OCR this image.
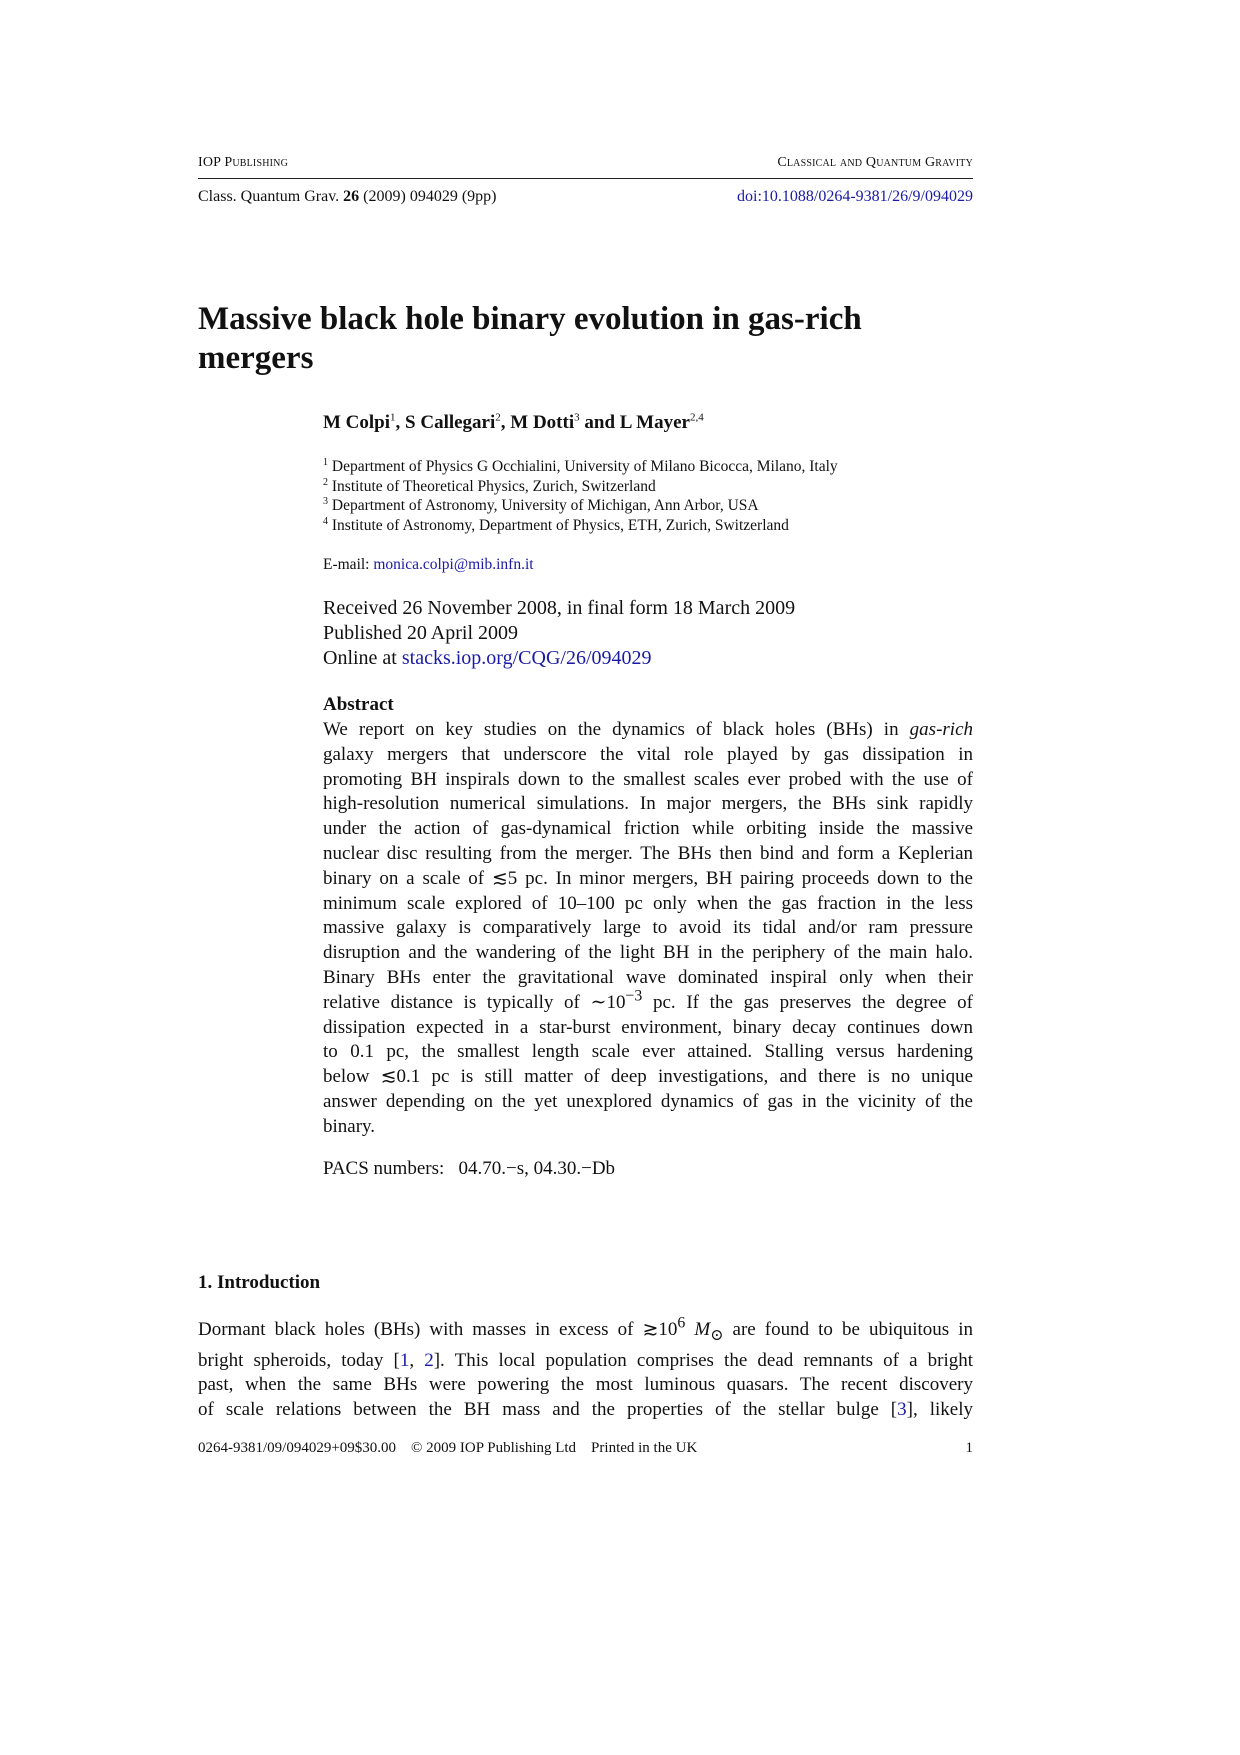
IOP Publishing	Classical and Quantum Gravity
Class. Quantum Grav. 26 (2009) 094029 (9pp)	doi:10.1088/0264-9381/26/9/094029
Massive black hole binary evolution in gas-rich mergers
M Colpi$^1$, S Callegari$^2$, M Dotti$^3$ and L Mayer$^{2,4}$
$^1$ Department of Physics G Occhialini, University of Milano Bicocca, Milano, Italy
$^2$ Institute of Theoretical Physics, Zurich, Switzerland
$^3$ Department of Astronomy, University of Michigan, Ann Arbor, USA
$^4$ Institute of Astronomy, Department of Physics, ETH, Zurich, Switzerland
E-mail: monica.colpi@mib.infn.it
Received 26 November 2008, in final form 18 March 2009
Published 20 April 2009
Online at stacks.iop.org/CQG/26/094029
Abstract
We report on key studies on the dynamics of black holes (BHs) in gas-rich
galaxy mergers that underscore the vital role played by gas dissipation in
promoting BH inspirals down to the smallest scales ever probed with the use of
high-resolution numerical simulations. In major mergers, the BHs sink rapidly
under the action of gas-dynamical friction while orbiting inside the massive
nuclear disc resulting from the merger. The BHs then bind and form a Keplerian
binary on a scale of ≲5 pc. In minor mergers, BH pairing proceeds down to the
minimum scale explored of 10–100 pc only when the gas fraction in the less
massive galaxy is comparatively large to avoid its tidal and/or ram pressure
disruption and the wandering of the light BH in the periphery of the main halo.
Binary BHs enter the gravitational wave dominated inspiral only when their
relative distance is typically of $\sim 10^{-3}$ pc. If the gas preserves the degree of
dissipation expected in a star-burst environment, binary decay continues down
to 0.1 pc, the smallest length scale ever attained. Stalling versus hardening
below ≲0.1 pc is still matter of deep investigations, and there is no unique
answer depending on the yet unexplored dynamics of gas in the vicinity of the
binary.
PACS numbers:   04.70.−s, 04.30.−Db
1. Introduction
Dormant black holes (BHs) with masses in excess of $≳10^6$ $M_⊙$ are found to be ubiquitous in
bright spheroids, today [1, 2]. This local population comprises the dead remnants of a bright
past, when the same BHs were powering the most luminous quasars. The recent discovery
of scale relations between the BH mass and the properties of the stellar bulge [3], likely
0264-9381/09/094029+09$30.00    © 2009 IOP Publishing Ltd    Printed in the UK	1
